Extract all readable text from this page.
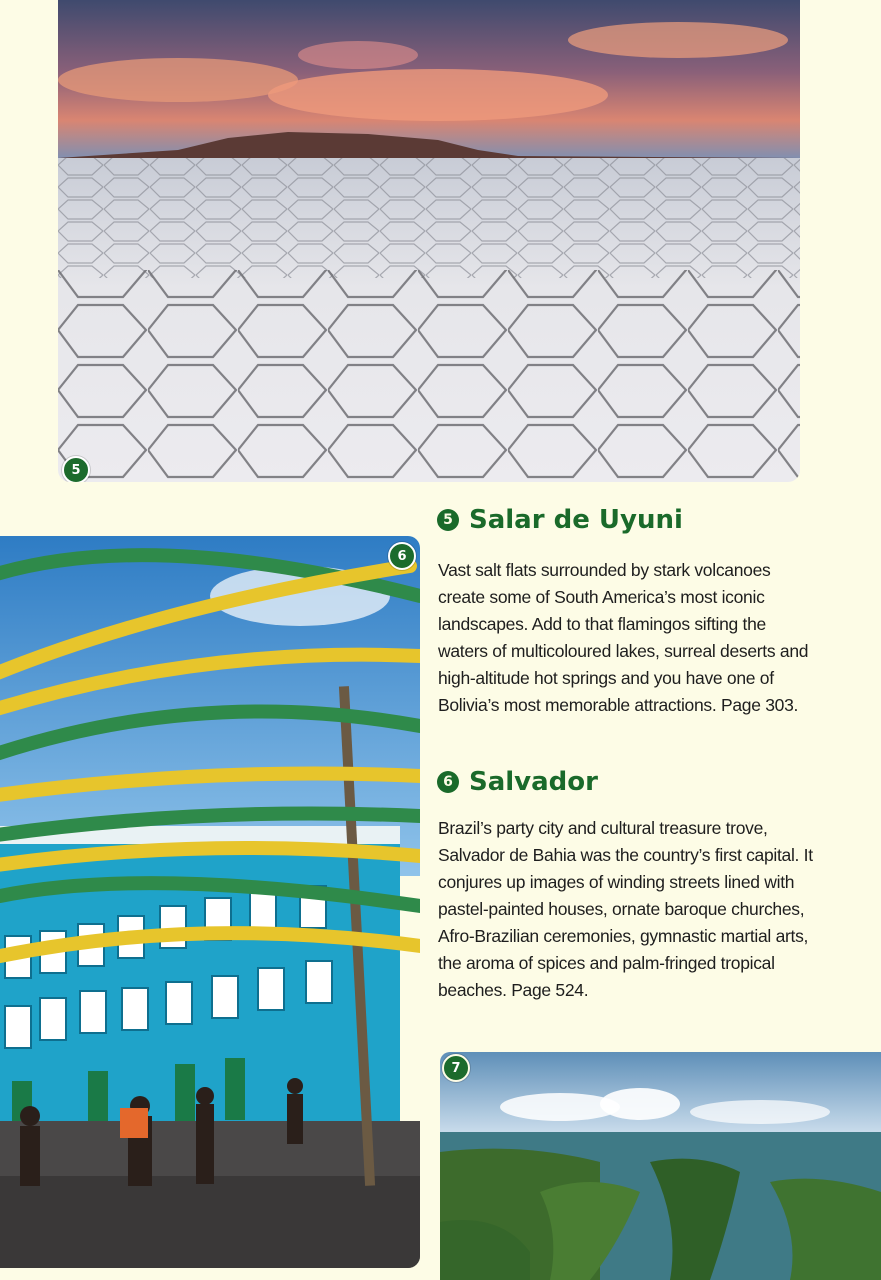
5
6
5 Salar de Uyuni

Vast salt flats surrounded by stark volcanoes create some of South America’s most iconic landscapes. Add to that flamingos sifting the waters of multicoloured lakes, surreal deserts and high-altitude hot springs and you have one of Bolivia’s most memorable attractions. Page 303.

6 Salvador

Brazil’s party city and cultural treasure trove, Salvador de Bahia was the country’s first capital. It conjures up images of winding streets lined with pastel-painted houses, ornate baroque churches, Afro-Brazilian ceremonies, gymnastic martial arts, the aroma of spices and palm-fringed tropical beaches. Page 524.

7
